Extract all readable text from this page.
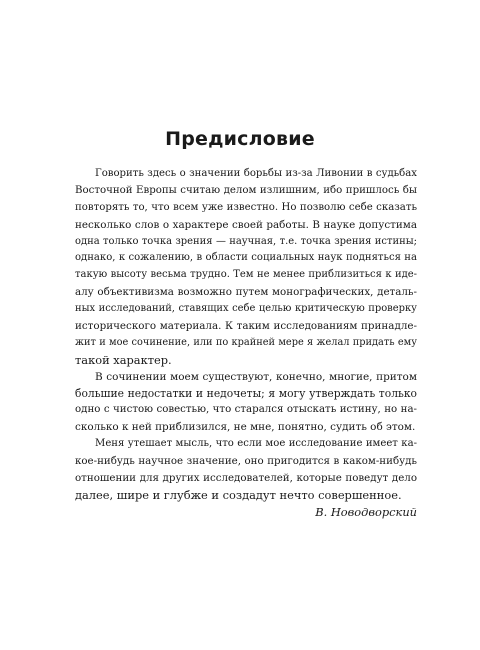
Предисловие
Говорить здесь о значении борьбы из-за Ливонии в судьбах
Восточной Европы считаю делом излишним, ибо пришлось бы
повторять то, что всем уже известно. Но позволю себе сказать
несколько слов о характере своей работы. В науке допустима
одна только точка зрения — научная, т.е. точка зрения истины;
однако, к сожалению, в области социальных наук подняться на
такую высоту весьма трудно. Тем не менее приблизиться к иде-
алу объективизма возможно путем монографических, деталь-
ных исследований, ставящих себе целью критическую проверку
исторического материала. К таким исследованиям принадле-
жит и мое сочинение, или по крайней мере я желал придать ему
такой характер.
В сочинении моем существуют, конечно, многие, притом
большие недостатки и недочеты; я могу утверждать только
одно с чистою совестью, что старался отыскать истину, но на-
сколько к ней приблизился, не мне, понятно, судить об этом.
Меня утешает мысль, что если мое исследование имеет ка-
кое-нибудь научное значение, оно пригодится в каком-нибудь
отношении для других исследователей, которые поведут дело
далее, шире и глубже и создадут нечто совершенное.
В. Новодворский
